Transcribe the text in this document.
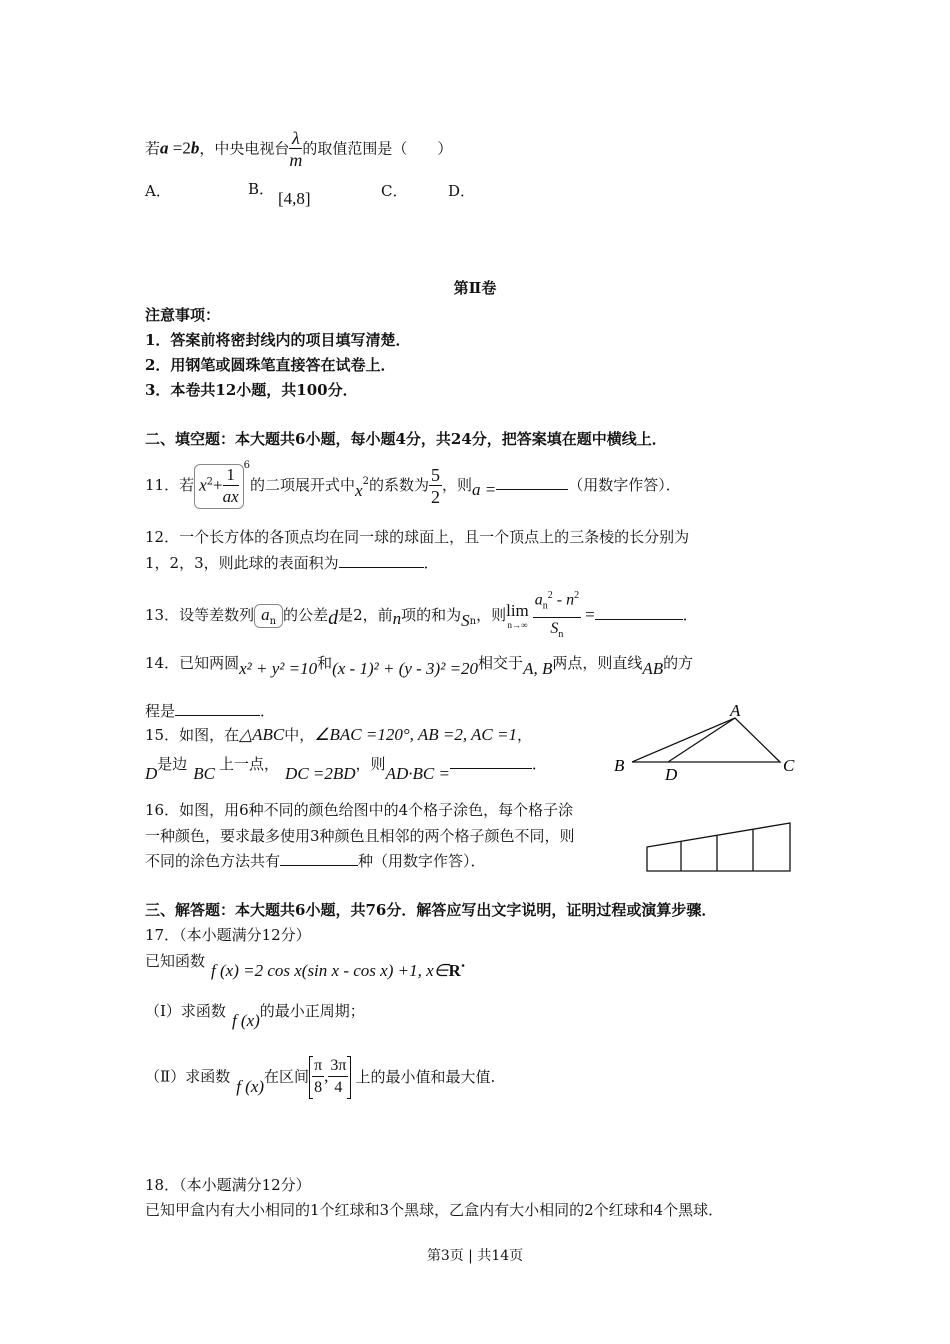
若a =2b，中央电视台 $\frac{\lambda}{m}$ 的取值范围是（　　）
A．	B． [4,8]	C．	D．
第Ⅱ卷
注意事项：
1．答案前将密封线内的项目填写清楚．
2．用钢笔或圆珠笔直接答在试卷上．
3．本卷共12小题，共100分．
二、填空题：本大题共6小题，每小题4分，共24分，把答案填在题中横线上．
11．若 $x^2+ \frac{1}{ax} ^6$的二项展开式中$x^2$的系数为 $\frac{5}{2}$ ，则a =	（用数字作答）．
12．一个长方体的各顶点均在同一球的球面上，且一个顶点上的三条棱的长分别为
1，2，3，则此球的表面积为	．
13．设等差数列 $a_n$ 的公差d是2，前n项的和为$S_n$，则 lim
$n\to\infty \frac{a_n^2 - n^2}{S_n}$ =	．
14．已知两圆x² + y² =10和(x - 1)² + (y - 3)² =20相交于A, B两点，则直线AB的方
程是	．
15．如图，在△ABC中，∠BAC =120°, AB =2, AC =1，
D是边 BC 上一点， DC =2BD，则AD·BC =	．
A
B	C
D
16．如图，用6种不同的颜色给图中的4个格子涂色，每个格子涂
一种颜色，要求最多使用3种颜色且相邻的两个格子颜色不同，则
不同的涂色方法共有	种（用数字作答）．
三、解答题：本大题共6小题，共76分．解答应写出文字说明，证明过程或演算步骤．
17．（本小题满分12分）
已知函数 f (x) =2 cos x(sin x - cos x) +1, x∈R．
（Ⅰ）求函数 f (x)的最小正周期；
（Ⅱ）求函数 f (x)在区间 $\frac{\pi}{8}$ , $\frac{3\pi}{4}$ 上的最小值和最大值.
18．（本小题满分12分）
已知甲盒内有大小相同的1个红球和3个黑球，乙盒内有大小相同的2个红球和4个黑球．
第3页 | 共14页
